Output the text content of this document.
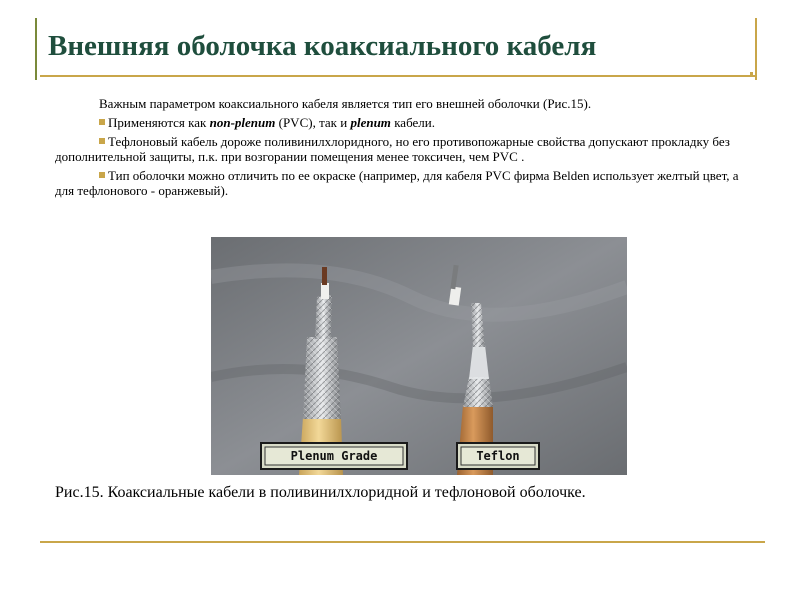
Внешняя оболочка коаксиального кабеля

Важным параметром коаксиального кабеля является тип его внешней оболочки (Рис.15).

Применяются как non-plenum (PVC), так и plenum кабели.

Тефлоновый кабель дороже поливинилхлоридного, но его противопожарные свойства допускают прокладку без дополнительной защиты, п.к. при возгорании помещения менее токсичен, чем PVC .

Тип оболочки можно отличить по ее окраске (например, для кабеля PVC фирма Belden использует желтый цвет, а для тефлонового - оранжевый).

Plenum Grade	Teflon
Рис.15. Коаксиальные кабели в поливинилхлоридной и тефлоновой оболочке.
